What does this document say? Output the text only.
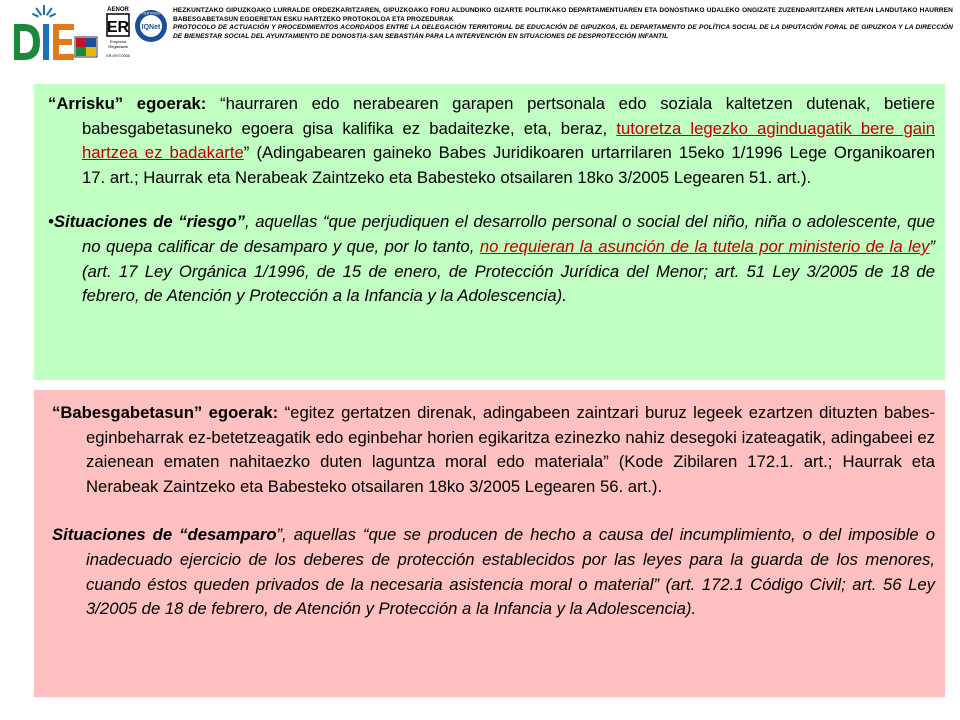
AENOR
ER
Empresa
Registrada
ER-0977/2008
IQNet
CERTIFIED HEZKUNTZAKO GIPUZKOAKO LURRALDE ORDEZKARITZAREN, GIPUZKOAKO FORU ALDUNDIKO GIZARTE POLITIKAKO DEPARTAMENTUAREN ETA DONOSTIAKO UDALEKO ONGIZATE ZUZENDARITZAREN ARTEAN LANDUTAKO HAURREN BABESGABETASUN EGOERETAN ESKU HARTZEKO PROTOKOLOA ETA PROZEDURAK
PROTOCOLO DE ACTUACIÓN Y PROCEDIMIENTOS ACORDADOS ENTRE LA DELEGACIÓN TERRITORIAL DE EDUCACIÓN DE GIPUZKOA, EL DEPARTAMENTO DE POLÍTICA SOCIAL DE LA DIPUTACIÓN FORAL DE GIPUZKOA Y LA DIRECCIÓN DE BIENESTAR SOCIAL DEL AYUNTAMIENTO DE DONOSTIA-SAN SEBASTIÁN PARA LA INTERVENCIÓN EN SITUACIONES DE DESPROTECCIÓN INFANTIL

“Arrisku” egoerak: “haurraren edo nerabearen garapen pertsonala edo soziala kaltetzen dutenak, betiere babesgabetasuneko egoera gisa kalifika ez badaitezke, eta, beraz, tutoretza legezko aginduagatik bere gain hartzea ez badakarte” (Adingabearen gaineko Babes Juridikoaren urtarrilaren 15eko 1/1996 Lege Organikoaren 17. art.; Haurrak eta Nerabeak Zaintzeko eta Babesteko otsailaren 18ko 3/2005 Legearen 51. art.).

•Situaciones de “riesgo”, aquellas “que perjudiquen el desarrollo personal o social del niño, niña o adolescente, que no quepa calificar de desamparo y que, por lo tanto, no requieran la asunción de la tutela por ministerio de la ley” (art. 17 Ley Orgánica 1/1996, de 15 de enero, de Protección Jurídica del Menor; art. 51 Ley 3/2005 de 18 de febrero, de Atención y Protección a la Infancia y la Adolescencia).

“Babesgabetasun” egoerak: “egitez gertatzen direnak, adingabeen zaintzari buruz legeek ezartzen dituzten babes-eginbeharrak ez-betetzeagatik edo eginbehar horien egikaritza ezinezko nahiz desegoki izateagatik, adingabeei ez zaienean ematen nahitaezko duten laguntza moral edo materiala” (Kode Zibilaren 172.1. art.; Haurrak eta Nerabeak Zaintzeko eta Babesteko otsailaren 18ko 3/2005 Legearen 56. art.).

Situaciones de “desamparo”, aquellas “que se producen de hecho a causa del incumplimiento, o del imposible o inadecuado ejercicio de los deberes de protección establecidos por las leyes para la guarda de los menores, cuando éstos queden privados de la necesaria asistencia moral o material” (art. 172.1 Código Civil; art. 56 Ley 3/2005 de 18 de febrero, de Atención y Protección a la Infancia y la Adolescencia).
